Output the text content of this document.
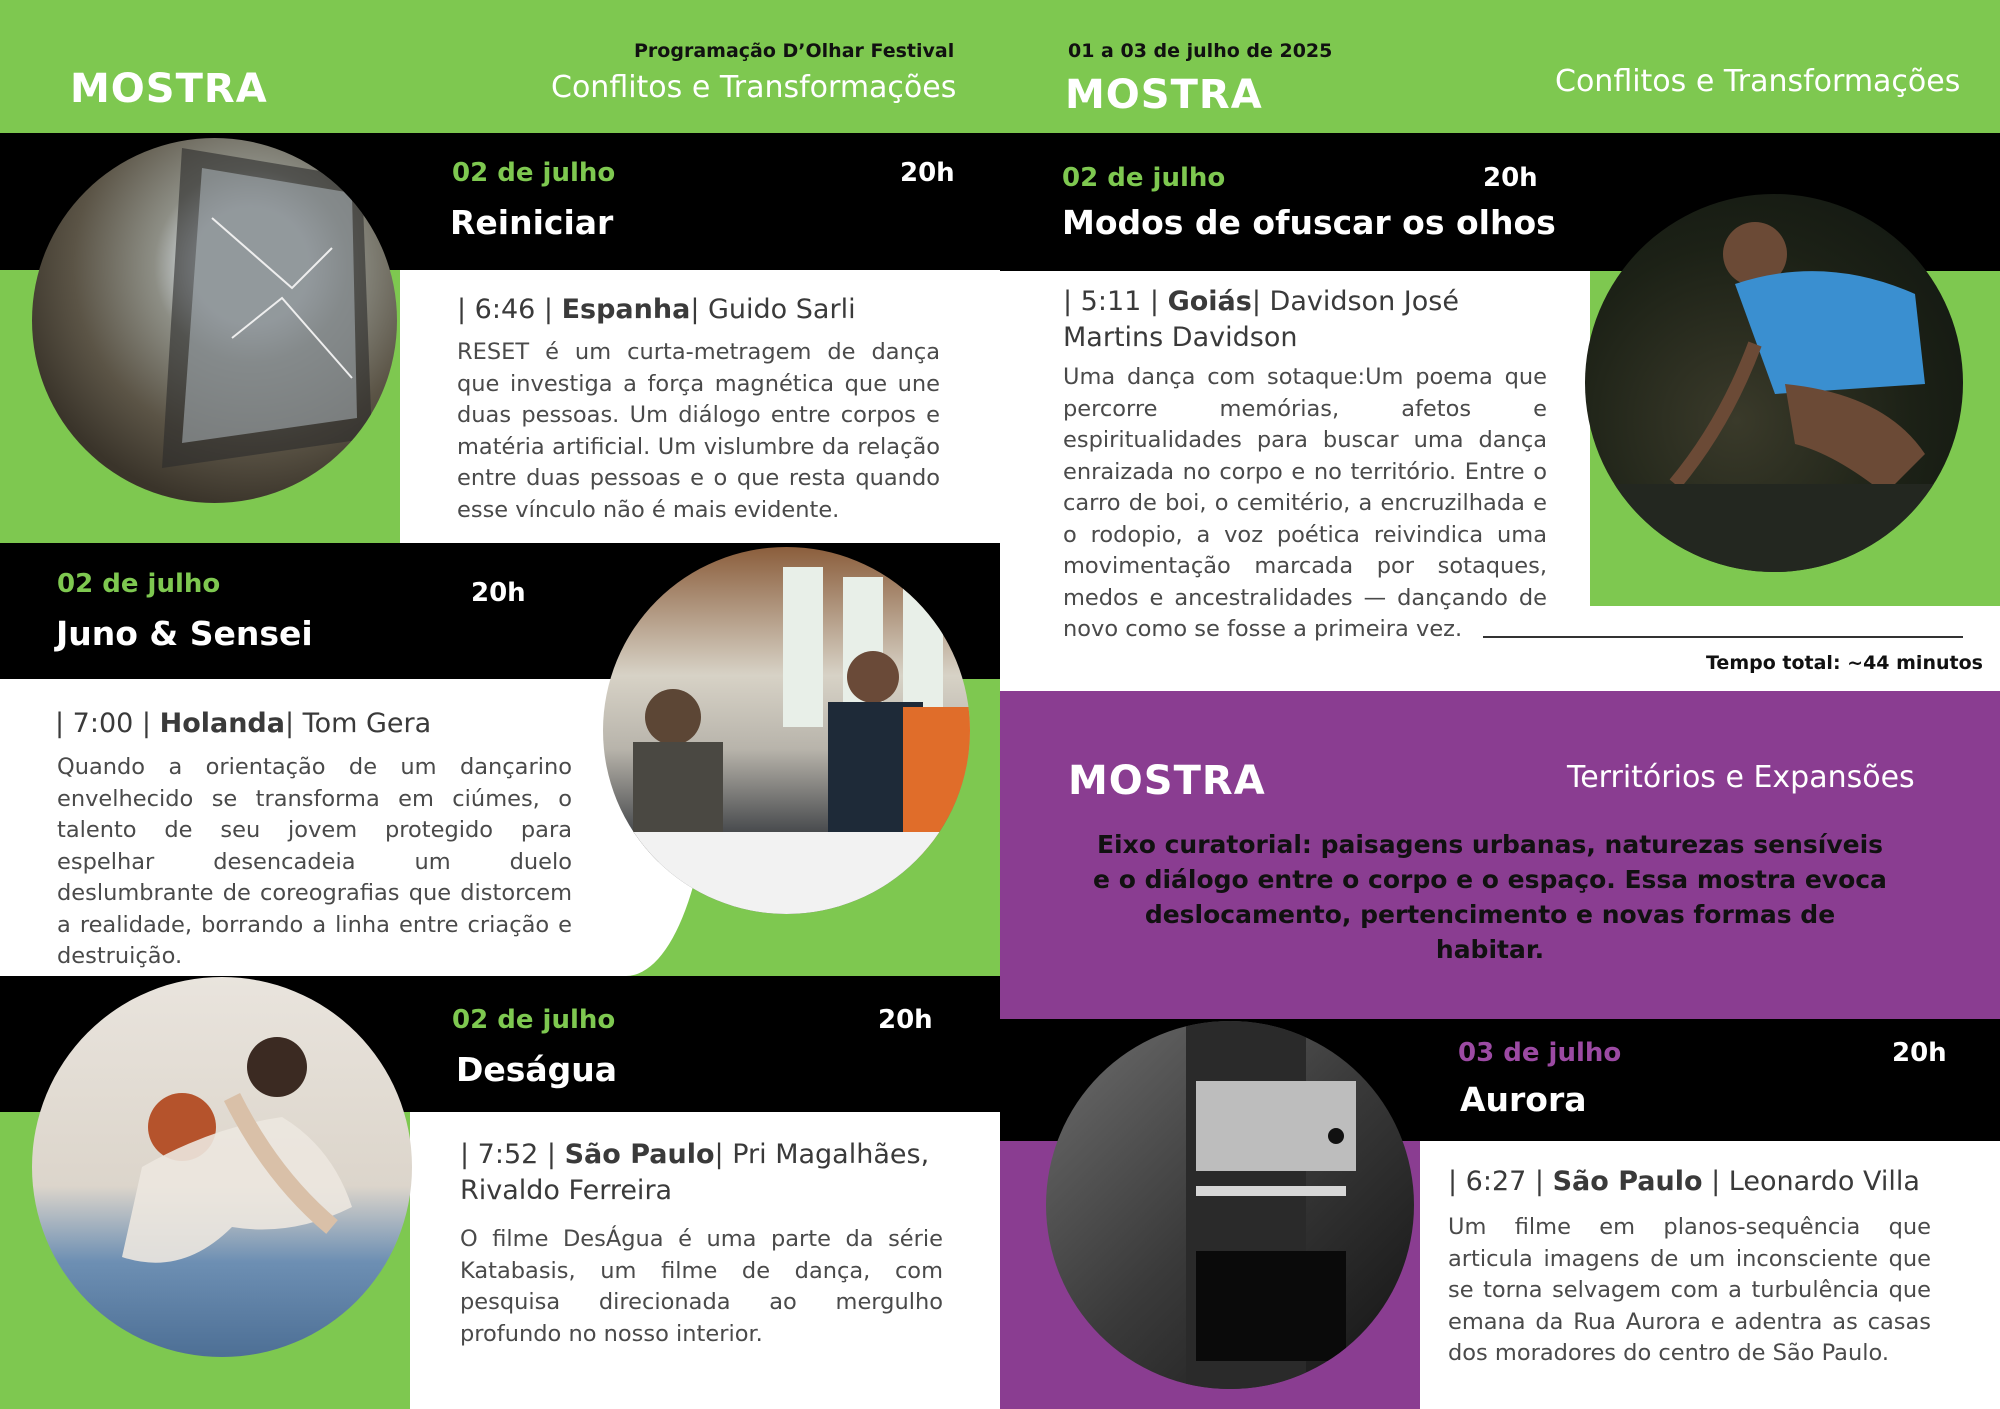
MOSTRA
Programação D’Olhar Festival
Conflitos e Transformações
02 de julho	20h
Reiniciar
| 6:46 | Espanha| Guido Sarli
RESET é um curta-metragem de dança que investiga a força magnética que une duas pessoas. Um diálogo entre corpos e matéria artificial. Um vislumbre da relação entre duas pessoas e o que resta quando esse vínculo não é mais evidente.
02 de julho	20h
Juno & Sensei
| 7:00 | Holanda| Tom Gera
Quando a orientação de um dançarino envelhecido se transforma em ciúmes, o talento de seu jovem protegido para espelhar desencadeia um duelo deslumbrante de coreografias que distorcem a realidade, borrando a linha entre criação e destruição.
02 de julho	20h
Deságua
| 7:52 | São Paulo| Pri Magalhães, Rivaldo Ferreira
O filme DesÁgua é uma parte da série Katabasis, um filme de dança, com pesquisa direcionada ao mergulho profundo no nosso interior.
01 a 03 de julho de 2025
MOSTRA	Conflitos e Transformações
02 de julho	20h
Modos de ofuscar os olhos
| 5:11 | Goiás| Davidson José Martins Davidson
Uma dança com sotaque:Um poema que percorre memórias, afetos e espiritualidades para buscar uma dança enraizada no corpo e no território. Entre o carro de boi, o cemitério, a encruzilhada e o rodopio, a voz poética reivindica uma movimentação marcada por sotaques, medos e ancestralidades — dançando de novo como se fosse a primeira vez.
Tempo total: ~44 minutos
MOSTRA	Territórios e Expansões
Eixo curatorial: paisagens urbanas, naturezas sensíveis e o diálogo entre o corpo e o espaço. Essa mostra evoca deslocamento, pertencimento e novas formas de habitar.
03 de julho	20h
Aurora
| 6:27 | São Paulo | Leonardo Villa
Um filme em planos-sequência que articula imagens de um inconsciente que se torna selvagem com a turbulência que emana da Rua Aurora e adentra as casas dos moradores do centro de São Paulo.
